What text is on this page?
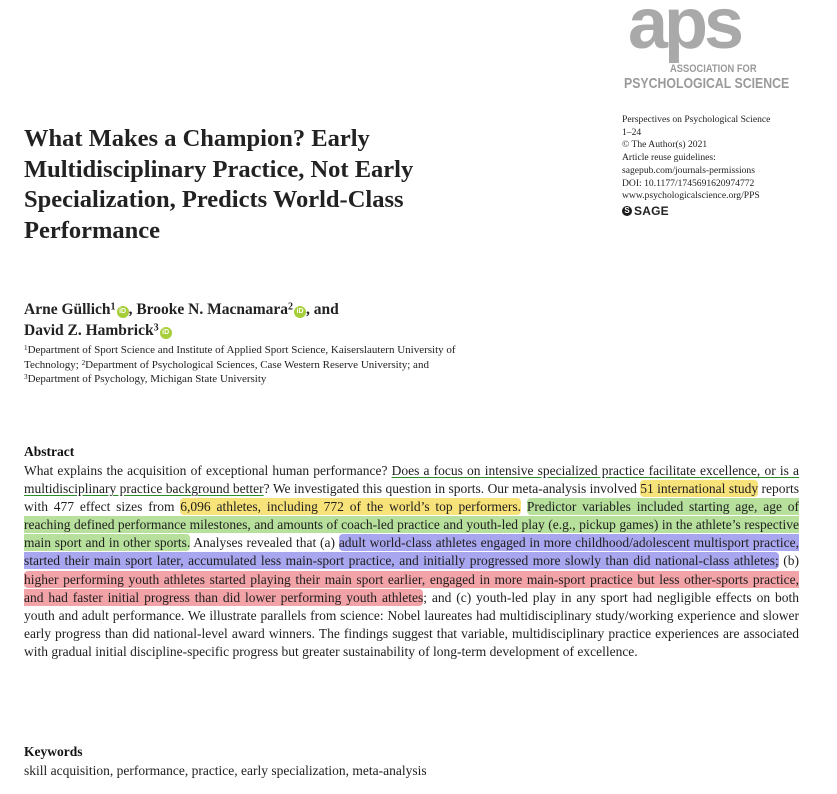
aps
ASSOCIATION FOR
PSYCHOLOGICAL SCIENCE
Perspectives on Psychological Science
1–24
© The Author(s) 2021
Article reuse guidelines:
sagepub.com/journals-permissions
DOI: 10.1177/1745691620974772
www.psychologicalscience.org/PPS
S SAGE
What Makes a Champion? Early Multidisciplinary Practice, Not Early Specialization, Predicts World-Class Performance
Arne Güllich$^1$ iD , Brooke N. Macnamara$^2$ iD , and
David Z. Hambrick$^3$ iD
$^1$Department of Sport Science and Institute of Applied Sport Science, Kaiserslautern University of
Technology; $^2$Department of Psychological Sciences, Case Western Reserve University; and
$^3$Department of Psychology, Michigan State University
Abstract

What explains the acquisition of exceptional human performance? Does a focus on intensive specialized practice facilitate excellence, or is a multidisciplinary practice background better? We investigated this question in sports. Our meta-analysis involved 51 international study reports with 477 effect sizes from 6,096 athletes, including 772 of the world’s top performers. Predictor variables included starting age, age of reaching defined performance milestones, and amounts of coach-led practice and youth-led play (e.g., pickup games) in the athlete’s respective main sport and in other sports. Analyses revealed that (a) adult world-class athletes engaged in more childhood/adolescent multisport practice, started their main sport later, accumulated less main-sport practice, and initially progressed more slowly than did national-class athletes; (b) higher performing youth athletes started playing their main sport earlier, engaged in more main-sport practice but less other-sports practice, and had faster initial progress than did lower performing youth athletes; and (c) youth-led play in any sport had negligible effects on both youth and adult performance. We illustrate parallels from science: Nobel laureates had multidisciplinary study/working experience and slower early progress than did national-level award winners. The findings suggest that variable, multidisciplinary practice experiences are associated with gradual initial discipline-specific progress but greater sustainability of long-term development of excellence.

Keywords
skill acquisition, performance, practice, early specialization, meta-analysis
